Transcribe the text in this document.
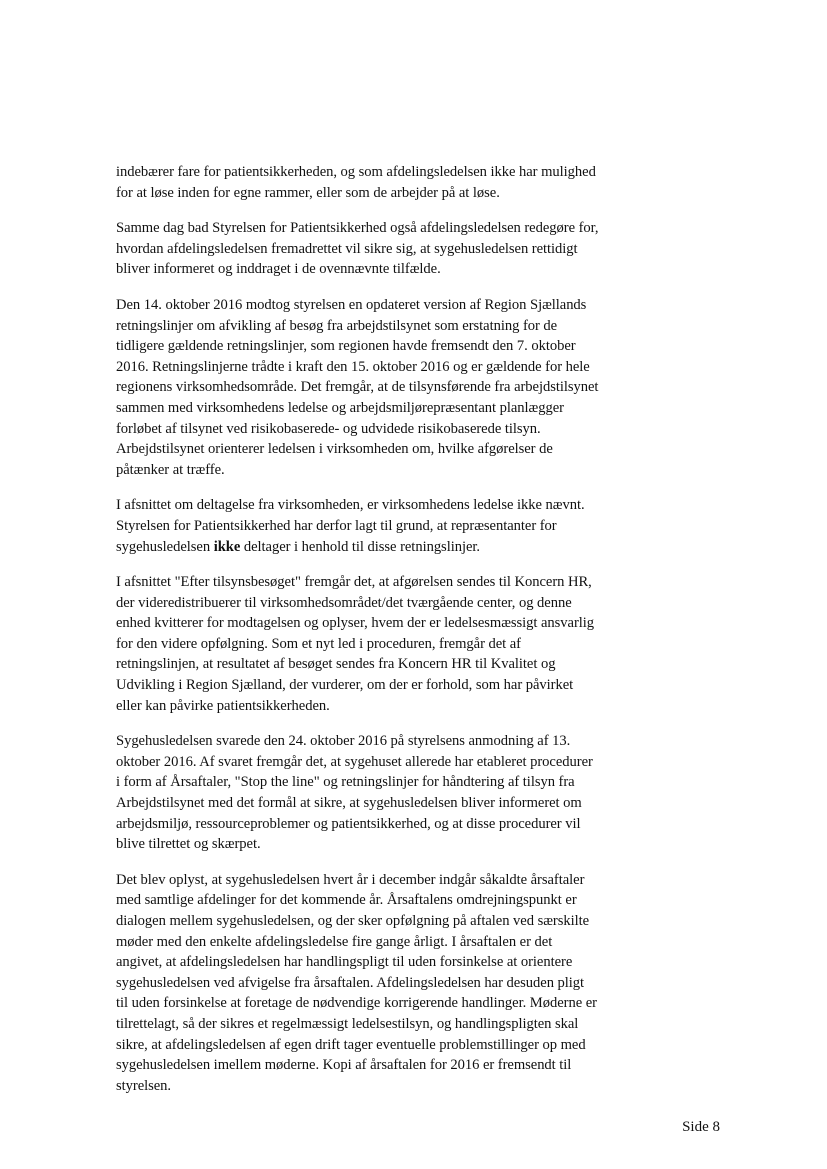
indebærer fare for patientsikkerheden, og som afdelingsledelsen ikke har mulighed
for at løse inden for egne rammer, eller som de arbejder på at løse.

Samme dag bad Styrelsen for Patientsikkerhed også afdelingsledelsen redegøre for,
hvordan afdelingsledelsen fremadrettet vil sikre sig, at sygehusledelsen rettidigt
bliver informeret og inddraget i de ovennævnte tilfælde.

Den 14. oktober 2016 modtog styrelsen en opdateret version af Region Sjællands
retningslinjer om afvikling af besøg fra arbejdstilsynet som erstatning for de
tidligere gældende retningslinjer, som regionen havde fremsendt den 7. oktober
2016. Retningslinjerne trådte i kraft den 15. oktober 2016 og er gældende for hele
regionens virksomhedsområde. Det fremgår, at de tilsynsførende fra arbejdstilsynet
sammen med virksomhedens ledelse og arbejdsmiljørepræsentant planlægger
forløbet af tilsynet ved risikobaserede- og udvidede risikobaserede tilsyn.
Arbejdstilsynet orienterer ledelsen i virksomheden om, hvilke afgørelser de
påtænker at træffe.

I afsnittet om deltagelse fra virksomheden, er virksomhedens ledelse ikke nævnt.
Styrelsen for Patientsikkerhed har derfor lagt til grund, at repræsentanter for
sygehusledelsen ikke deltager i henhold til disse retningslinjer.

I afsnittet "Efter tilsynsbesøget" fremgår det, at afgørelsen sendes til Koncern HR,
der videredistribuerer til virksomhedsområdet/det tværgående center, og denne
enhed kvitterer for modtagelsen og oplyser, hvem der er ledelsesmæssigt ansvarlig
for den videre opfølgning. Som et nyt led i proceduren, fremgår det af
retningslinjen, at resultatet af besøget sendes fra Koncern HR til Kvalitet og
Udvikling i Region Sjælland, der vurderer, om der er forhold, som har påvirket
eller kan påvirke patientsikkerheden.

Sygehusledelsen svarede den 24. oktober 2016 på styrelsens anmodning af 13.
oktober 2016. Af svaret fremgår det, at sygehuset allerede har etableret procedurer
i form af Årsaftaler, "Stop the line" og retningslinjer for håndtering af tilsyn fra
Arbejdstilsynet med det formål at sikre, at sygehusledelsen bliver informeret om
arbejdsmiljø, ressourceproblemer og patientsikkerhed, og at disse procedurer vil
blive tilrettet og skærpet.

Det blev oplyst, at sygehusledelsen hvert år i december indgår såkaldte årsaftaler
med samtlige afdelinger for det kommende år. Årsaftalens omdrejningspunkt er
dialogen mellem sygehusledelsen, og der sker opfølgning på aftalen ved særskilte
møder med den enkelte afdelingsledelse fire gange årligt. I årsaftalen er det
angivet, at afdelingsledelsen har handlingspligt til uden forsinkelse at orientere
sygehusledelsen ved afvigelse fra årsaftalen. Afdelingsledelsen har desuden pligt
til uden forsinkelse at foretage de nødvendige korrigerende handlinger. Møderne er
tilrettelagt, så der sikres et regelmæssigt ledelsestilsyn, og handlingspligten skal
sikre, at afdelingsledelsen af egen drift tager eventuelle problemstillinger op med
sygehusledelsen imellem møderne. Kopi af årsaftalen for 2016 er fremsendt til
styrelsen.

Side 8
